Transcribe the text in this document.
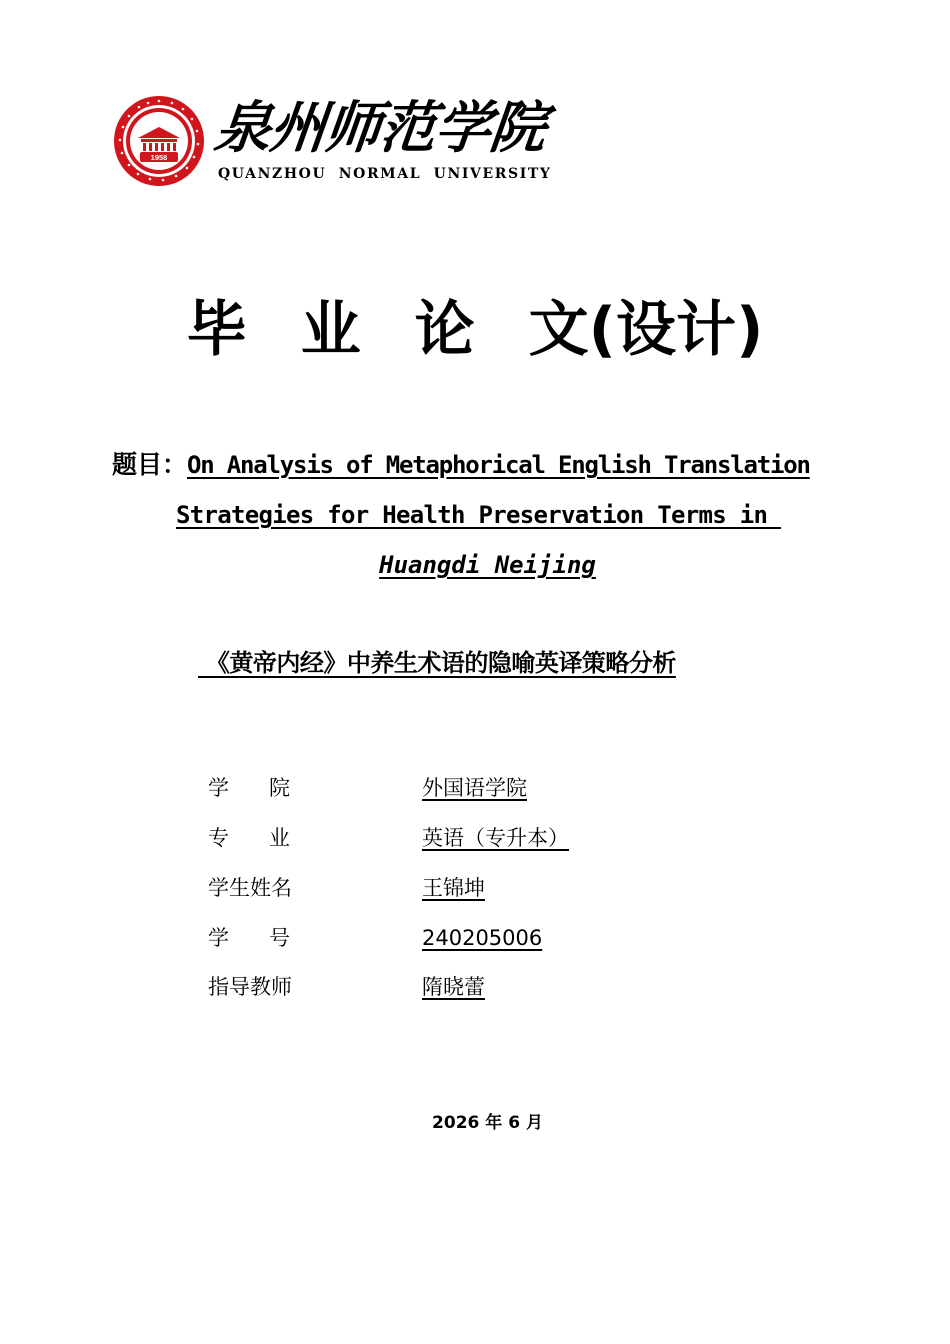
1958 泉州师范学院
QUANZHOU NORMAL UNIVERSITY
毕业论文(设计)
题目：On Analysis of Metaphorical English Translation
Strategies for Health Preservation Terms in
Huangdi Neijing
《黄帝内经》中养生术语的隐喻英译策略分析
学      院	外国语学院
专      业	英语（专升本）
学生姓名	王锦坤
学      号	240205006
指导教师	隋晓蕾
2026 年 6 月
